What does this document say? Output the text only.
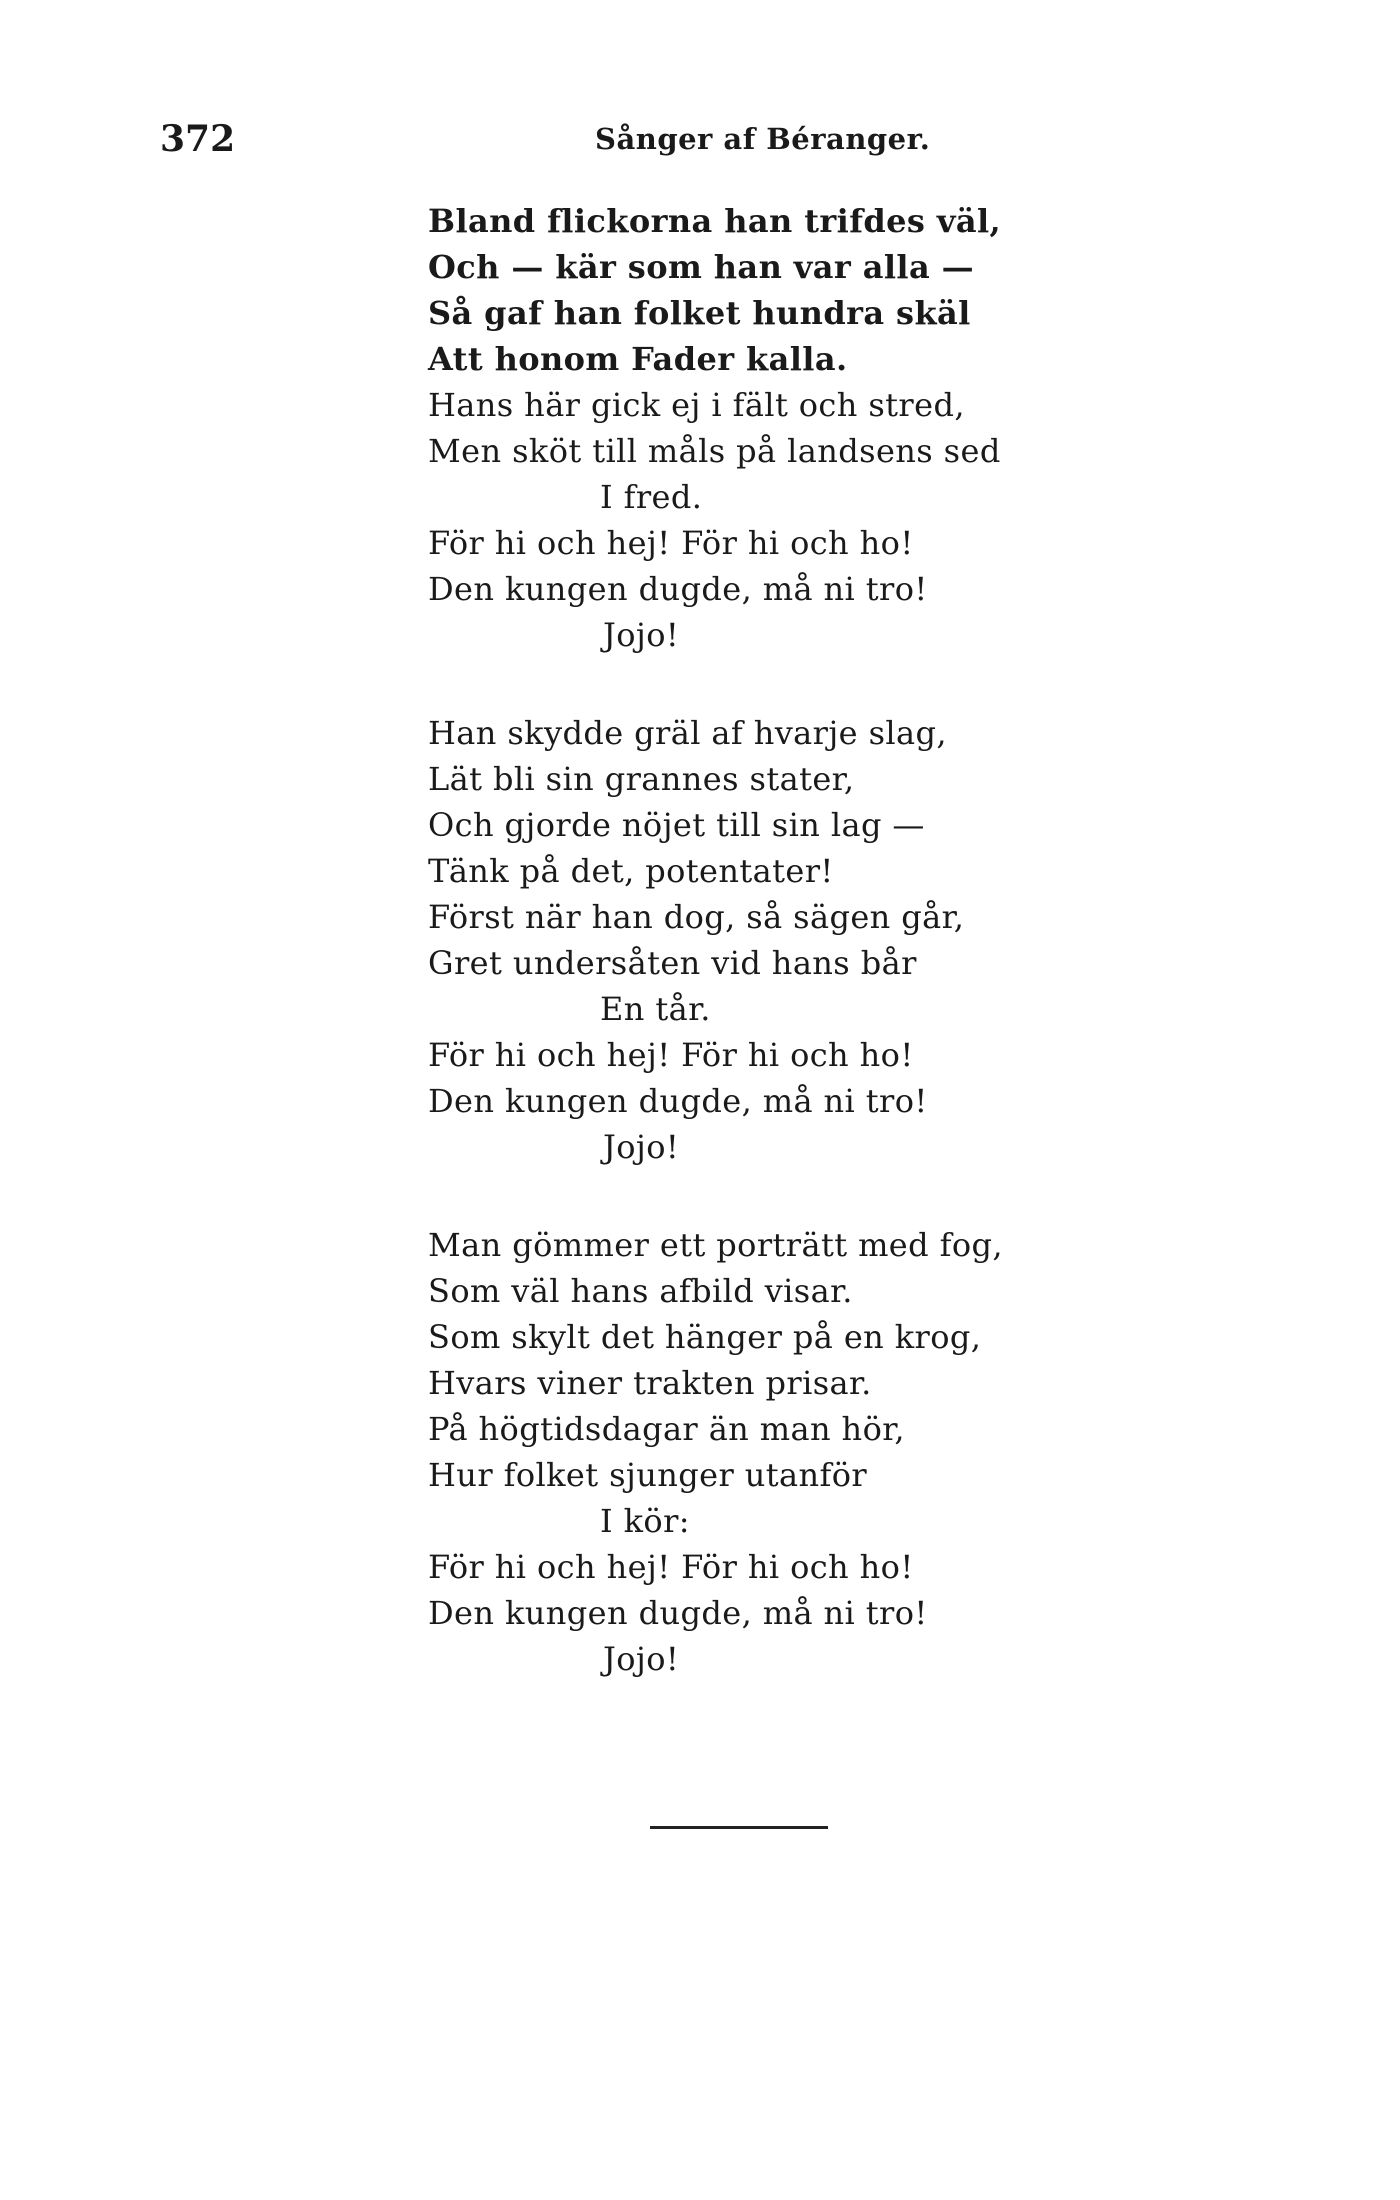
372	Sånger af Béranger.
Bland flickorna han trifdes väl,
Och — kär som han var alla —
Så gaf han folket hundra skäl
Att honom Fader kalla.
Hans här gick ej i fält och stred,
Men sköt till måls på landsens sed
I fred.
För hi och hej! För hi och ho!
Den kungen dugde, må ni tro!
Jojo!
Han skydde gräl af hvarje slag,
Lät bli sin grannes stater,
Och gjorde nöjet till sin lag —
Tänk på det, potentater!
Först när han dog, så sägen går,
Gret undersåten vid hans bår
En tår.
För hi och hej! För hi och ho!
Den kungen dugde, må ni tro!
Jojo!
Man gömmer ett porträtt med fog,
Som väl hans afbild visar.
Som skylt det hänger på en krog,
Hvars viner trakten prisar.
På högtidsdagar än man hör,
Hur folket sjunger utanför
I kör:
För hi och hej! För hi och ho!
Den kungen dugde, må ni tro!
Jojo!
